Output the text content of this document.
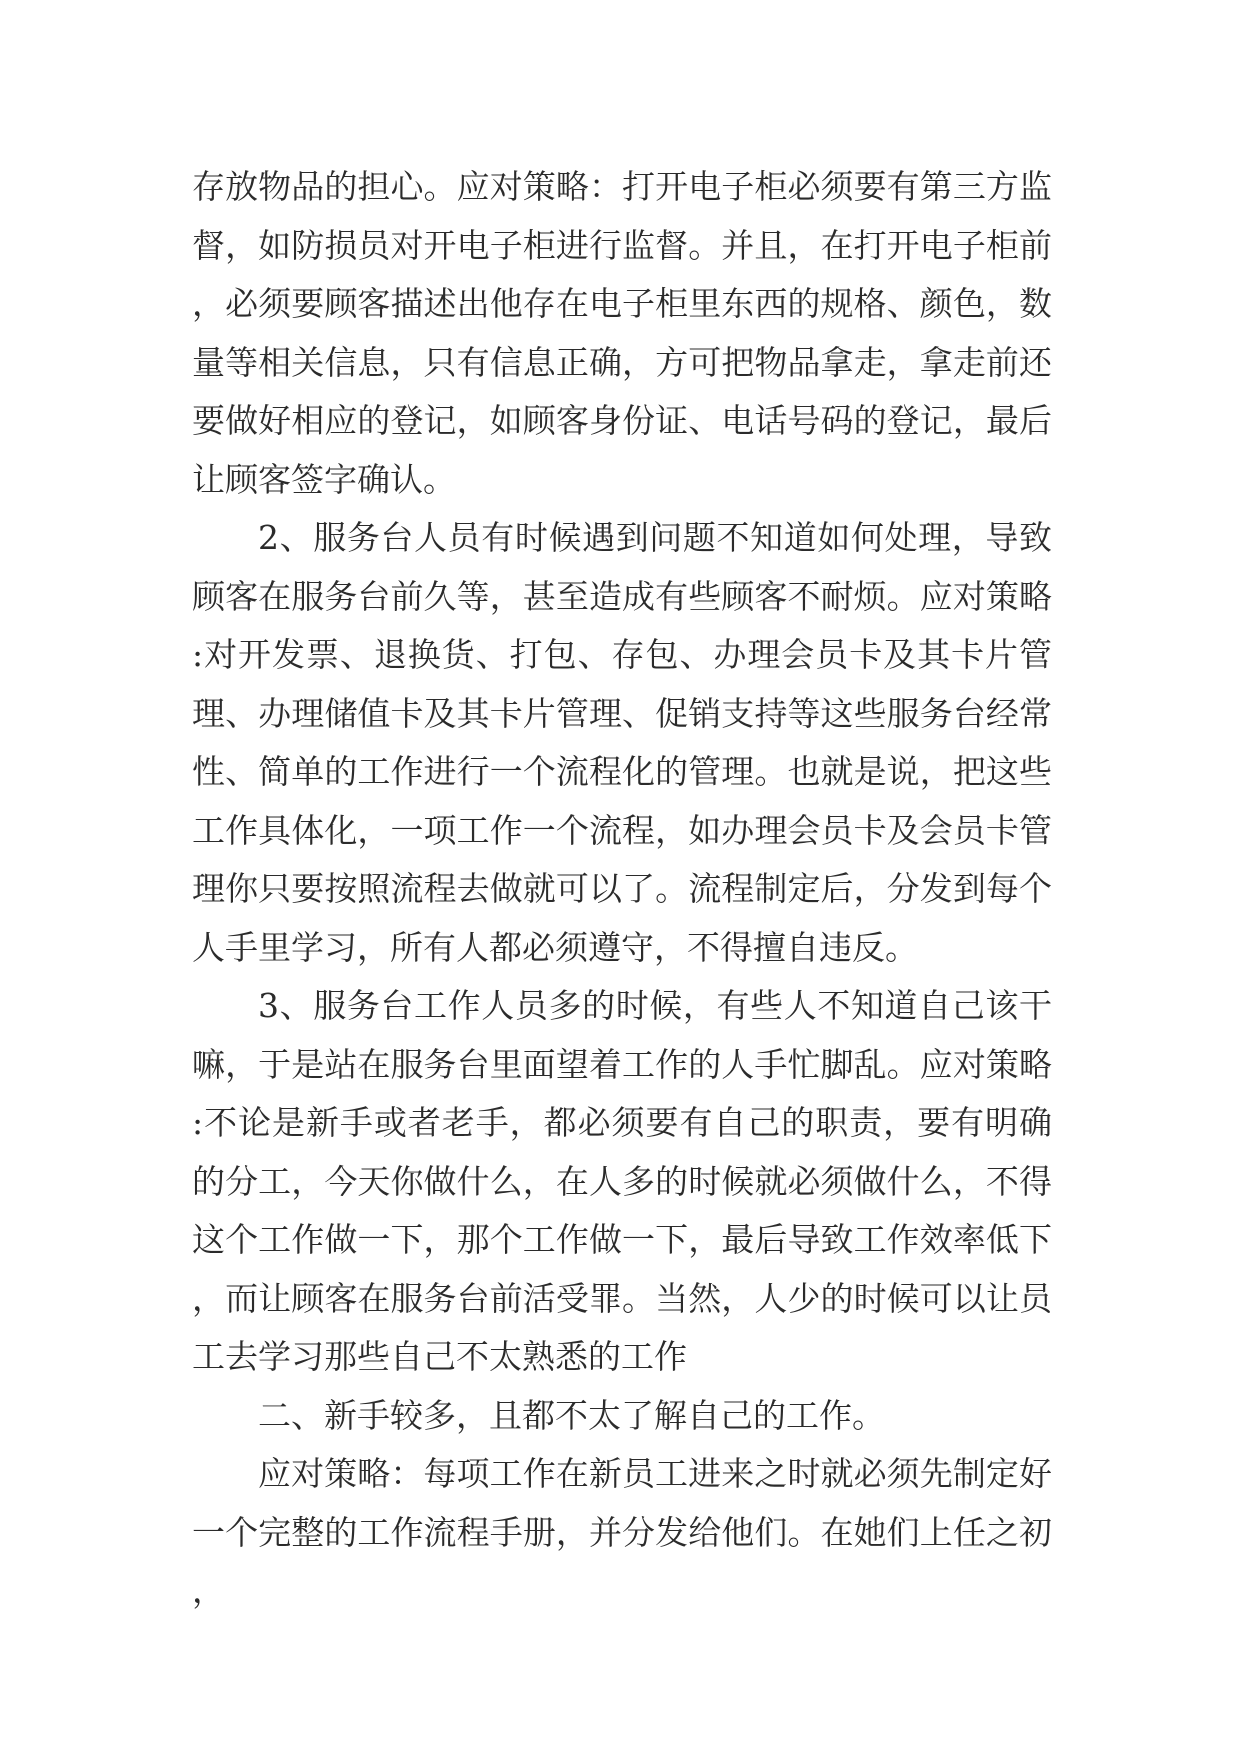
存放物品的担心。应对策略：打开电子柜必须要有第三方监督，如防损员对开电子柜进行监督。并且，在打开电子柜前，必须要顾客描述出他存在电子柜里东西的规格、颜色，数量等相关信息，只有信息正确，方可把物品拿走，拿走前还要做好相应的登记，如顾客身份证、电话号码的登记，最后让顾客签字确认。

2、服务台人员有时候遇到问题不知道如何处理，导致顾客在服务台前久等，甚至造成有些顾客不耐烦。应对策略:对开发票、退换货、打包、存包、办理会员卡及其卡片管理、办理储值卡及其卡片管理、促销支持等这些服务台经常性、简单的工作进行一个流程化的管理。也就是说，把这些工作具体化，一项工作一个流程，如办理会员卡及会员卡管理你只要按照流程去做就可以了。流程制定后，分发到每个人手里学习，所有人都必须遵守，不得擅自违反。

3、服务台工作人员多的时候，有些人不知道自己该干嘛，于是站在服务台里面望着工作的人手忙脚乱。应对策略:不论是新手或者老手，都必须要有自己的职责，要有明确的分工，今天你做什么，在人多的时候就必须做什么，不得这个工作做一下，那个工作做一下，最后导致工作效率低下，而让顾客在服务台前活受罪。当然，人少的时候可以让员工去学习那些自己不太熟悉的工作

二、新手较多，且都不太了解自己的工作。

应对策略：每项工作在新员工进来之时就必须先制定好一个完整的工作流程手册，并分发给他们。在她们上任之初，
